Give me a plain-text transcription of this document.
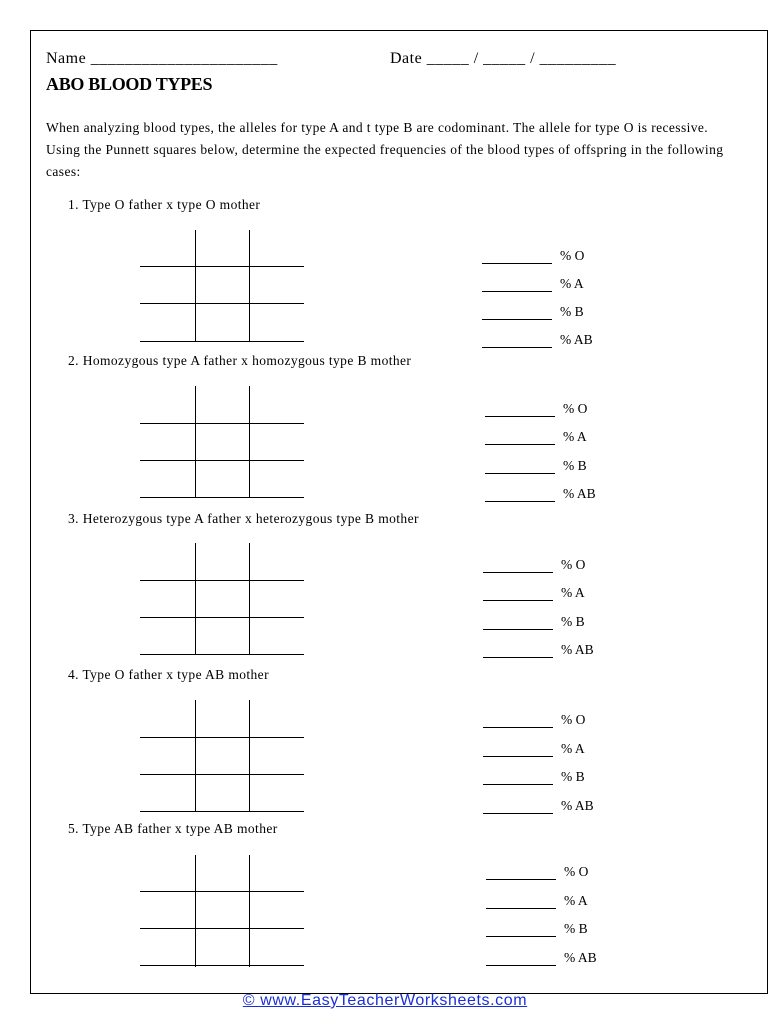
Name ______________________	Date _____ / _____ / _________
ABO BLOOD TYPES
When analyzing blood types, the alleles for type A and t type B are codominant. The allele for type O is recessive. Using the Punnett squares below, determine the expected frequencies of the blood types of offspring in the following cases:
1. Type O father x type O mother
% O
% A
% B
% AB
2. Homozygous type A father x homozygous type B mother
% O
% A
% B
% AB
3. Heterozygous type A father x heterozygous type B mother
% O
% A
% B
% AB
4. Type O father x type AB mother
% O
% A
% B
% AB
5. Type AB father x type AB mother
% O
% A
% B
% AB
© www.EasyTeacherWorksheets.com
